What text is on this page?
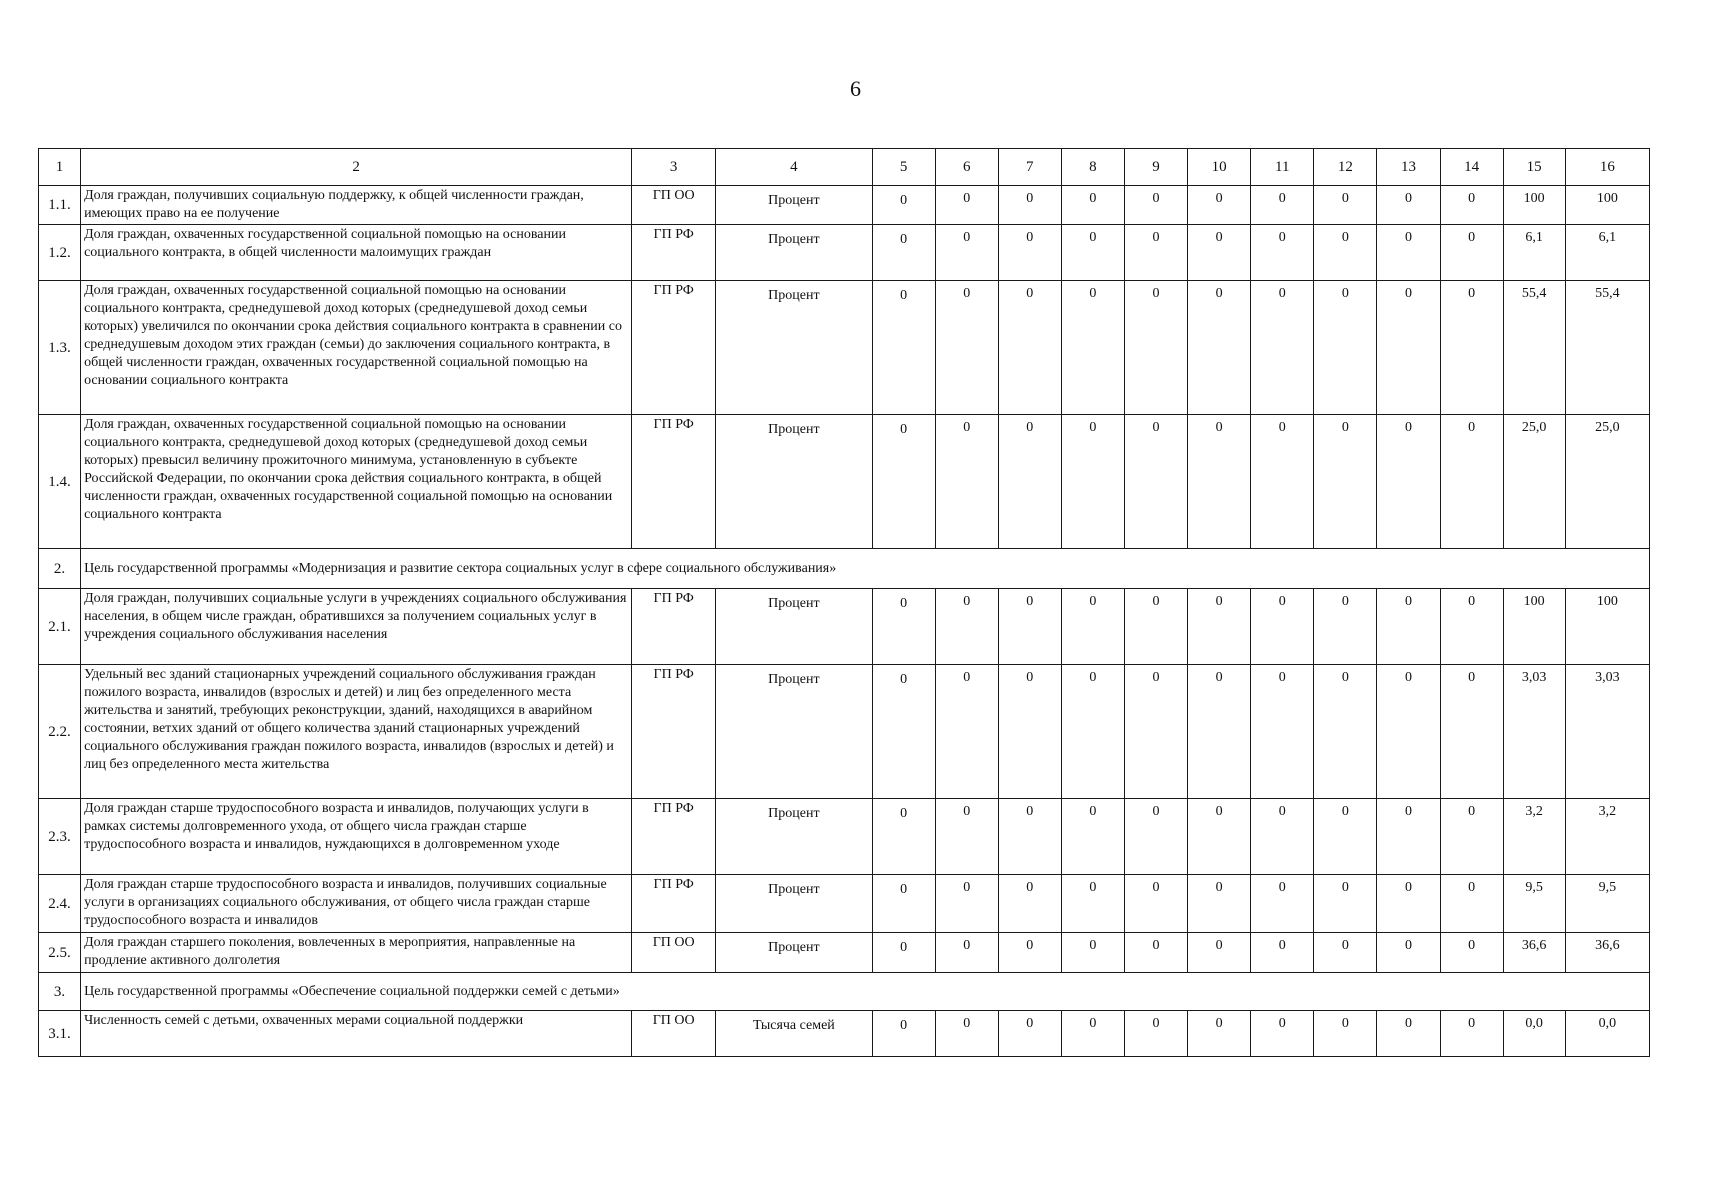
6
1	2	3	4	5	6	7	8	9	10	11	12	13	14	15	16
1.1.	Доля граждан, получивших социальную поддержку, к общей численности граждан, имеющих право на ее получение	ГП ОО	Процент	0	0	0	0	0	0	0	0	0	0	100	100
1.2.	Доля граждан, охваченных государственной социальной помощью на основании социального контракта, в общей численности малоимущих граждан	ГП РФ	Процент	0	0	0	0	0	0	0	0	0	0	6,1	6,1
1.3.	Доля граждан, охваченных государственной социальной помощью на основании социального контракта, среднедушевой доход которых (среднедушевой доход семьи которых) увеличился по окончании срока действия социального контракта в сравнении со среднедушевым доходом этих граждан (семьи) до заключения социального контракта, в общей численности граждан, охваченных государственной социальной помощью на основании социального контракта	ГП РФ	Процент	0	0	0	0	0	0	0	0	0	0	55,4	55,4
1.4.	Доля граждан, охваченных государственной социальной помощью на основании социального контракта, среднедушевой доход которых (среднедушевой доход семьи которых) превысил величину прожиточного минимума, установленную в субъекте Российской Федерации, по окончании срока действия социального контракта, в общей численности граждан, охваченных государственной социальной помощью на основании социального контракта	ГП РФ	Процент	0	0	0	0	0	0	0	0	0	0	25,0	25,0
2.	Цель государственной программы «Модернизация и развитие сектора социальных услуг в сфере социального обслуживания»														
2.1.	Доля граждан, получивших социальные услуги в учреждениях социального обслуживания населения, в общем числе граждан, обратившихся за получением социальных услуг в учреждения социального обслуживания населения	ГП РФ	Процент	0	0	0	0	0	0	0	0	0	0	100	100
2.2.	Удельный вес зданий стационарных учреждений социального обслуживания граждан пожилого возраста, инвалидов (взрослых и детей) и лиц без определенного места жительства и занятий, требующих реконструкции, зданий, находящихся в аварийном состоянии, ветхих зданий от общего количества зданий стационарных учреждений социального обслуживания граждан пожилого возраста, инвалидов (взрослых и детей) и лиц без определенного места жительства	ГП РФ	Процент	0	0	0	0	0	0	0	0	0	0	3,03	3,03
2.3.	Доля граждан старше трудоспособного возраста и инвалидов, получающих услуги в рамках системы долговременного ухода, от общего числа граждан старше трудоспособного возраста и инвалидов, нуждающихся в долговременном уходе	ГП РФ	Процент	0	0	0	0	0	0	0	0	0	0	3,2	3,2
2.4.	Доля граждан старше трудоспособного возраста и инвалидов, получивших социальные услуги в организациях социального обслуживания, от общего числа граждан старше трудоспособного возраста и инвалидов	ГП РФ	Процент	0	0	0	0	0	0	0	0	0	0	9,5	9,5
2.5.	Доля граждан старшего поколения, вовлеченных в мероприятия, направленные на продление активного долголетия	ГП ОО	Процент	0	0	0	0	0	0	0	0	0	0	36,6	36,6
3.	Цель государственной программы «Обеспечение социальной поддержки семей с детьми»														
3.1.	Численность семей с детьми, охваченных мерами социальной поддержки	ГП ОО	Тысяча семей	0	0	0	0	0	0	0	0	0	0	0,0	0,0
